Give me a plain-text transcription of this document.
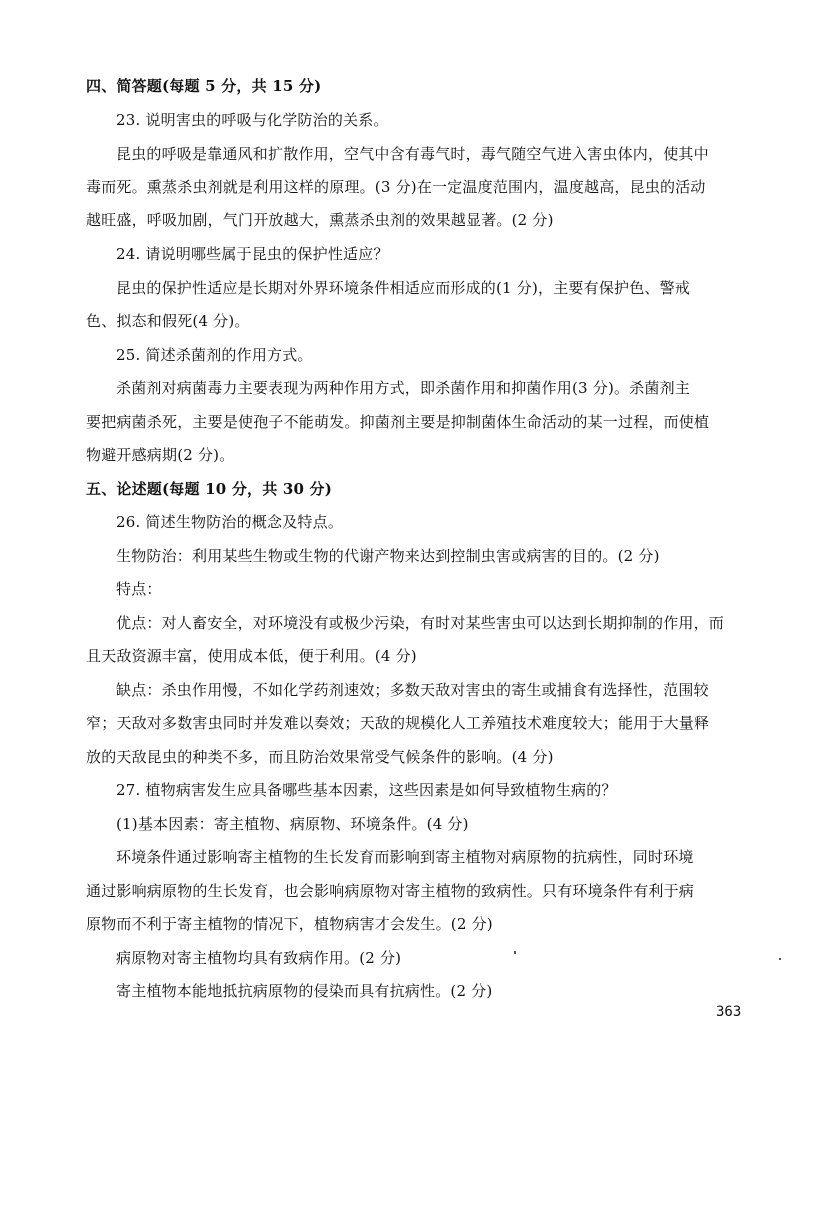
四、简答题(每题 5 分，共 15 分)
23. 说明害虫的呼吸与化学防治的关系。
昆虫的呼吸是靠通风和扩散作用，空气中含有毒气时，毒气随空气进入害虫体内，使其中
毒而死。熏蒸杀虫剂就是利用这样的原理。(3 分)在一定温度范围内，温度越高，昆虫的活动
越旺盛，呼吸加剧，气门开放越大，熏蒸杀虫剂的效果越显著。(2 分)
24. 请说明哪些属于昆虫的保护性适应？
昆虫的保护性适应是长期对外界环境条件相适应而形成的(1 分)，主要有保护色、警戒
色、拟态和假死(4 分)。
25. 简述杀菌剂的作用方式。
杀菌剂对病菌毒力主要表现为两种作用方式，即杀菌作用和抑菌作用(3 分)。杀菌剂主
要把病菌杀死，主要是使孢子不能萌发。抑菌剂主要是抑制菌体生命活动的某一过程，而使植
物避开感病期(2 分)。
五、论述题(每题 10 分，共 30 分)
26. 简述生物防治的概念及特点。
生物防治：利用某些生物或生物的代谢产物来达到控制虫害或病害的目的。(2 分)
特点：
优点：对人畜安全，对环境没有或极少污染，有时对某些害虫可以达到长期抑制的作用，而
且天敌资源丰富，使用成本低，便于利用。(4 分)
缺点：杀虫作用慢，不如化学药剂速效；多数天敌对害虫的寄生或捕食有选择性，范围较
窄；天敌对多数害虫同时并发难以奏效；天敌的规模化人工养殖技术难度较大；能用于大量释
放的天敌昆虫的种类不多，而且防治效果常受气候条件的影响。(4 分)
27. 植物病害发生应具备哪些基本因素，这些因素是如何导致植物生病的？
(1)基本因素：寄主植物、病原物、环境条件。(4 分)
环境条件通过影响寄主植物的生长发育而影响到寄主植物对病原物的抗病性，同时环境
通过影响病原物的生长发育，也会影响病原物对寄主植物的致病性。只有环境条件有利于病
原物而不利于寄主植物的情况下，植物病害才会发生。(2 分)
病原物对寄主植物均具有致病作用。(2 分)
寄主植物本能地抵抗病原物的侵染而具有抗病性。(2 分)
363
